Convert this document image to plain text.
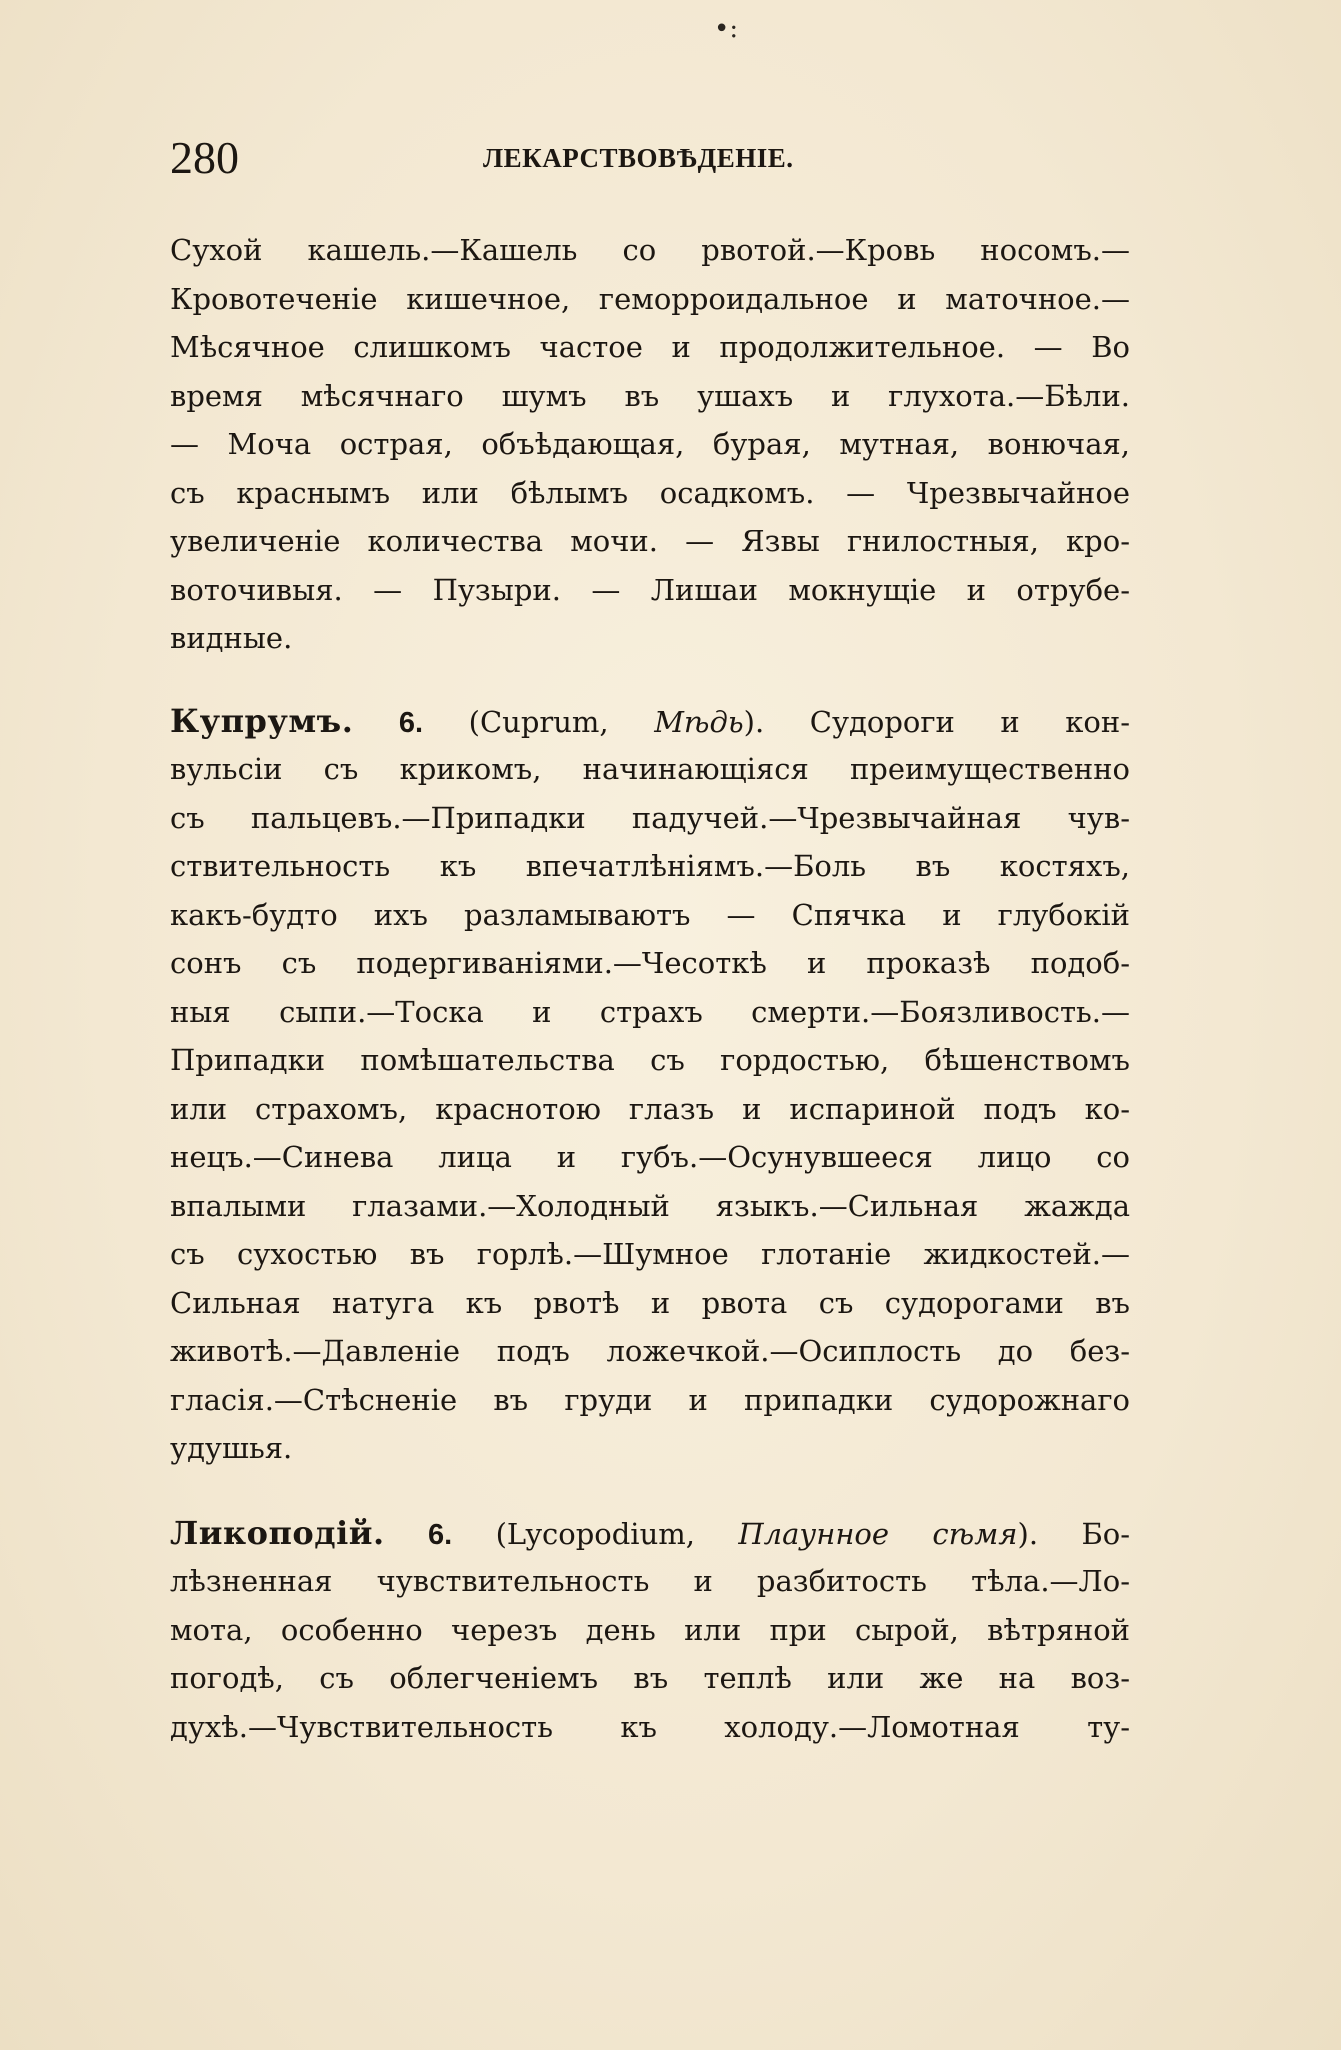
•:
280	ЛЕКАРСТВОВѢДЕНІЕ.
Сухой кашель.—Кашель со рвотой.—Кровь носомъ.—
Кровотеченіе кишечное, геморроидальное и маточное.—
Мѣсячное слишкомъ частое и продолжительное. — Во
время мѣсячнаго шумъ въ ушахъ и глухота.—Бѣли.
— Моча острая, объѣдающая, бурая, мутная, вонючая,
съ краснымъ или бѣлымъ осадкомъ. — Чрезвычайное
увеличеніе количества мочи. — Язвы гнилостныя, кро-
воточивыя. — Пузыри. — Лишаи мокнущіе и отрубе-
видные.
Купрумъ. 6. (Cuprum, Мѣдь). Судороги и кон-
вульсіи съ крикомъ, начинающіяся преимущественно
съ пальцевъ.—Припадки падучей.—Чрезвычайная чув-
ствительность къ впечатлѣніямъ.—Боль въ костяхъ,
какъ-будто ихъ разламываютъ — Спячка и глубокій
сонъ съ подергиваніями.—Чесоткѣ и проказѣ подоб-
ныя сыпи.—Тоска и страхъ смерти.—Боязливость.—
Припадки помѣшательства съ гордостью, бѣшенствомъ
или страхомъ, краснотою глазъ и испариной подъ ко-
нецъ.—Синева лица и губъ.—Осунувшееся лицо со
впалыми глазами.—Холодный языкъ.—Сильная жажда
съ сухостью въ горлѣ.—Шумное глотаніе жидкостей.—
Сильная натуга къ рвотѣ и рвота съ судорогами въ
животѣ.—Давленіе подъ ложечкой.—Осиплость до без-
гласія.—Стѣсненіе въ груди и припадки судорожнаго
удушья.
Ликоподій. 6. (Lycopodium, Плаунное сѣмя). Бо-
лѣзненная чувствительность и разбитость тѣла.—Ло-
мота, особенно черезъ день или при сырой, вѣтряной
погодѣ, съ облегченіемъ въ теплѣ или же на воз-
духѣ.—Чувствительность къ холоду.—Ломотная ту-
